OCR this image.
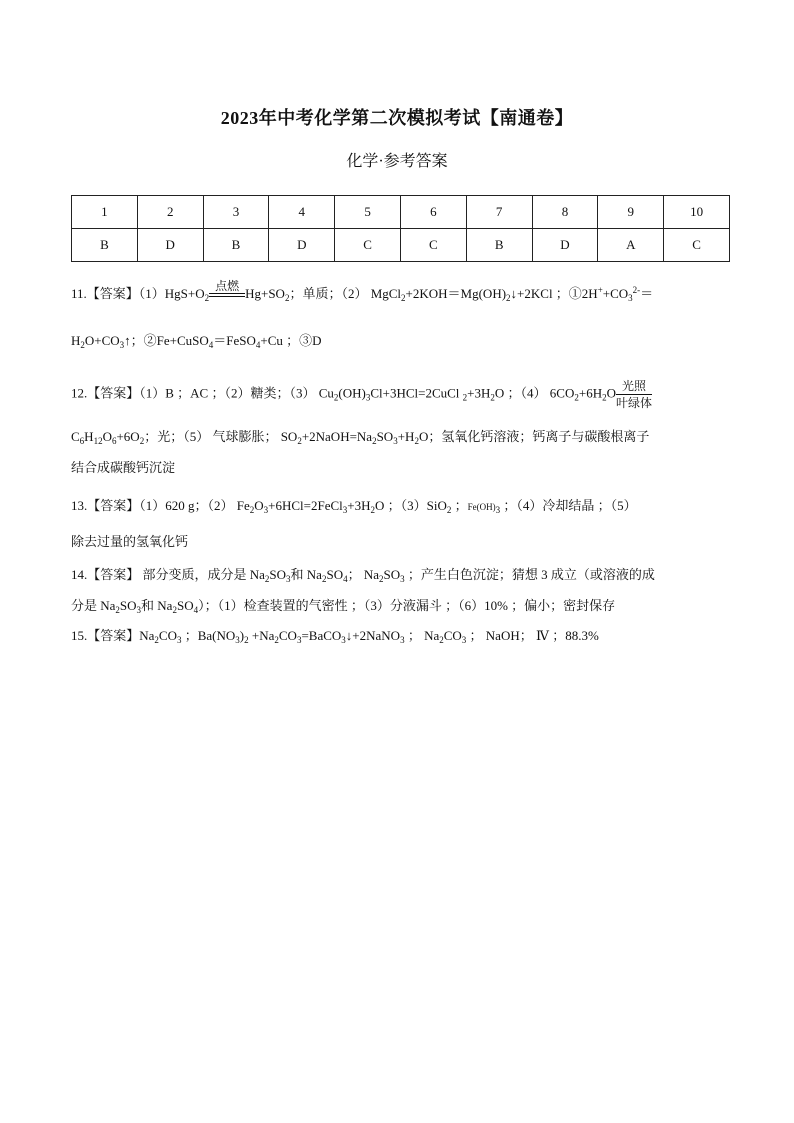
2023年中考化学第二次模拟考试【南通卷】
化学·参考答案
1	2	3	4	5	6	7	8	9	10
B	D	B	D	C	C	B	D	A	C
11.【答案】$(1)HgS+O_2$
点燃 $Hg+SO_2$；单质；（2） $MgCl_2+2KOH=Mg(OH)_2↓+2KCl$ ；$①2H^++CO_3^{2-}=$
$H_2O+CO_3↑$；②Fe+CuSO$_4$＝FeSO$_4$+Cu ；③D
12.【答案】（1）B ；AC ；（2）糖类；（3） $Cu_2(OH)_3Cl+3HCl=2CuCl$ $_2+3H_2O$ ；（4） $6CO_2+6H_2O$ 光照
叶绿体
$C_6H_{12}O_6+6O_2$；光；（5） 气球膨胀； $SO_2+2NaOH=Na_2SO_3+H_2O$；氢氧化钙溶液；钙离子与碳酸根离子
结合成碳酸钙沉淀
13.【答案】（1）620 g；（2） $Fe_2O_3+6HCl=2FeCl_3+3H_2O$ ；（3）SiO$_2$ ；$Fe(OH)_3$ ；（4）冷却结晶 ；（5）
除去过量的氢氧化钙
14.【答案】 部分变质，成分是 $Na_2SO_3$和 $Na_2SO_4$； $Na_2SO_3$ ；产生白色沉淀；猜想 3 成立（或溶液的成
分是 $Na_2SO_3$和 $Na_2SO_4$）；（1）检查装置的气密性 ；（3）分液漏斗 ；（6）10% ；偏小；密封保存
15.【答案】$Na_2CO_3$ ；$Ba(NO_3)_2$ $+Na_2CO_3=BaCO_3↓+2NaNO_3$ ； $Na_2CO_3$ ； NaOH； Ⅳ ；88.3%
